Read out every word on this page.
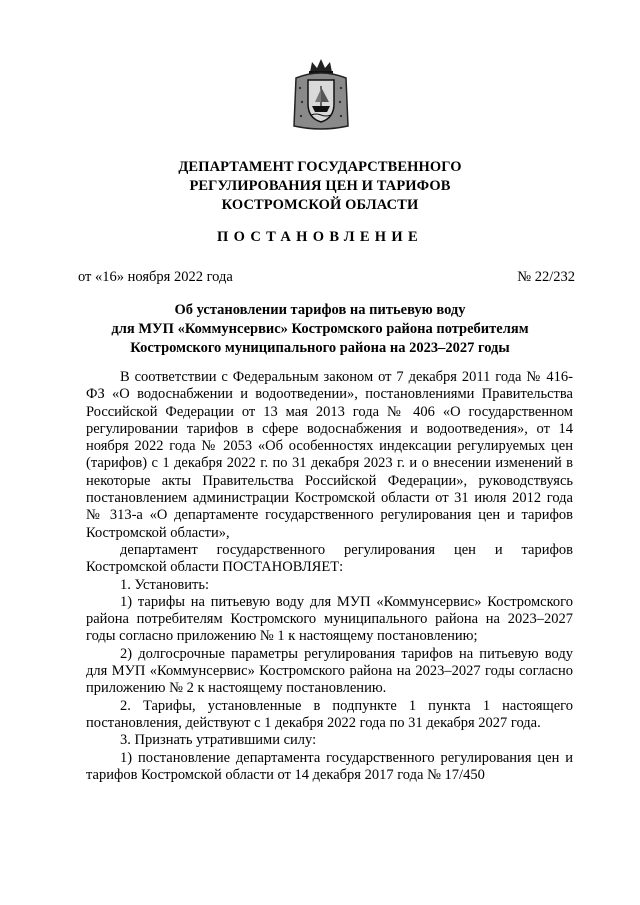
ДЕПАРТАМЕНТ ГОСУДАРСТВЕННОГО
РЕГУЛИРОВАНИЯ ЦЕН И ТАРИФОВ
КОСТРОМСКОЙ ОБЛАСТИ
ПОСТАНОВЛЕНИЕ
от «16» ноября 2022 года	№ 22/232
Об установлении тарифов на питьевую воду
для МУП «Коммунсервис» Костромского района потребителям
Костромского муниципального района на 2023–2027 годы

В соответствии с Федеральным законом от 7 декабря 2011 года № 416-ФЗ «О водоснабжении и водоотведении», постановлениями Правительства Российской Федерации от 13 мая 2013 года № 406 «О государственном регулировании тарифов в сфере водоснабжения и водоотведения», от 14 ноября 2022 года № 2053 «Об особенностях индексации регулируемых цен (тарифов) с 1 декабря 2022 г. по 31 декабря 2023 г. и о внесении изменений в некоторые акты Правительства Российской Федерации», руководствуясь постановлением администрации Костромской области от 31 июля 2012 года № 313-а «О департаменте государственного регулирования цен и тарифов Костромской области»,

департамент государственного регулирования цен и тарифов Костромской области ПОСТАНОВЛЯЕТ:

1. Установить:

1) тарифы на питьевую воду для МУП «Коммунсервис» Костромского района потребителям Костромского муниципального района на 2023–2027 годы согласно приложению № 1 к настоящему постановлению;

2) долгосрочные параметры регулирования тарифов на питьевую воду для МУП «Коммунсервис» Костромского района на 2023–2027 годы согласно приложению № 2 к настоящему постановлению.

2. Тарифы, установленные в подпункте 1 пункта 1 настоящего постановления, действуют с 1 декабря 2022 года по 31 декабря 2027 года.

3. Признать утратившими силу:

1) постановление департамента государственного регулирования цен и тарифов Костромской области от 14 декабря 2017 года № 17/450
